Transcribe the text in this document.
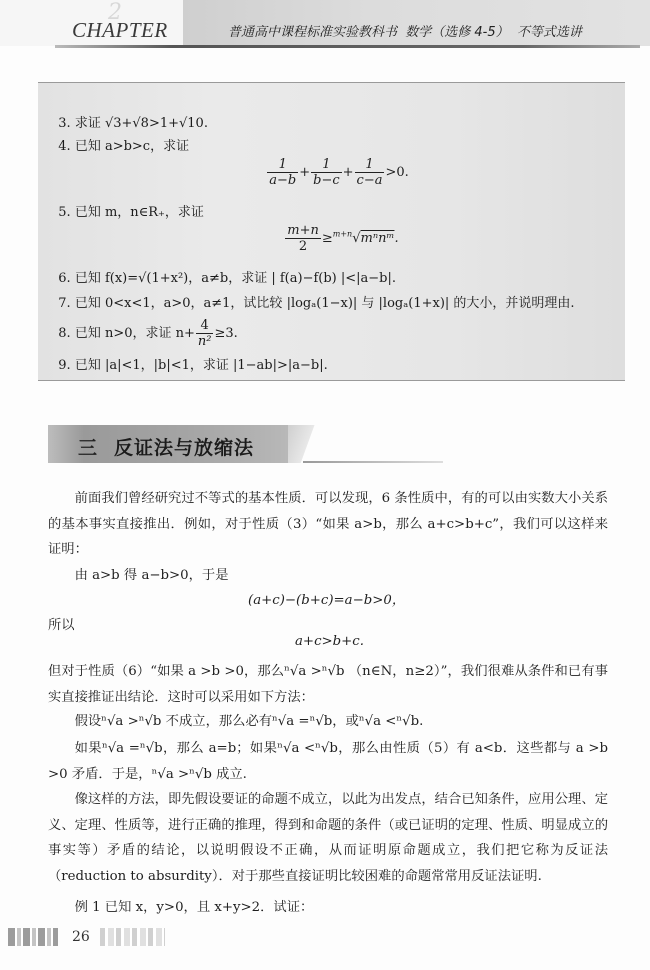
2
CHAPTER	普通高中课程标准实验教科书  数学（选修 4-5）  不等式选讲

3. 求证 √3+√8>1+√10.

4. 已知 a>b>c，求证

$\frac{1}{a-b} + \frac{1}{b-c} + \frac{1}{c-a} >0$.

5. 已知 m，n∈R₊，求证

$\frac{m+n}{2}$ ≥$^{m+n}$√mⁿnᵐ.

6. 已知 f(x)=√(1+x²)，a≠b，求证 | f(a)−f(b) |<|a−b|.

7. 已知 0<x<1，a>0，a≠1，试比较 |logₐ(1−x)| 与 |logₐ(1+x)| 的大小，并说明理由.

8. 已知 n>0，求证 $n+ \frac{4}{\text{n²}} \ge 3$.

9. 已知 |a|<1，|b|<1，求证 |1−ab|>|a−b|.

三 反证法与放缩法
前面我们曾经研究过不等式的基本性质．可以发现，6 条性质中，有的可以由实数大小关系的基本事实直接推出．例如，对于性质（3）“如果 a>b，那么 a+c>b+c”，我们可以这样来证明：
由 a>b 得 a−b>0，于是
(a+c)−(b+c)=a−b>0，
所以
a+c>b+c.
但对于性质（6）“如果 a >b >0，那么ⁿ√a >ⁿ√b （n∈N，n≥2）”，我们很难从条件和已有事实直接推证出结论．这时可以采用如下方法：
假设ⁿ√a >ⁿ√b 不成立，那么必有ⁿ√a =ⁿ√b，或ⁿ√a <ⁿ√b.
如果ⁿ√a =ⁿ√b，那么 a=b；如果ⁿ√a <ⁿ√b，那么由性质（5）有 a<b．这些都与 a >b >0 矛盾．于是，ⁿ√a >ⁿ√b 成立.
像这样的方法，即先假设要证的命题不成立，以此为出发点，结合已知条件，应用公理、定义、定理、性质等，进行正确的推理，得到和命题的条件（或已证明的定理、性质、明显成立的事实等）矛盾的结论，以说明假设不正确，从而证明原命题成立，我们把它称为反证法（reduction to absurdity）．对于那些直接证明比较困难的命题常常用反证法证明.
例 1 已知 x，y>0，且 x+y>2．试证：
26
